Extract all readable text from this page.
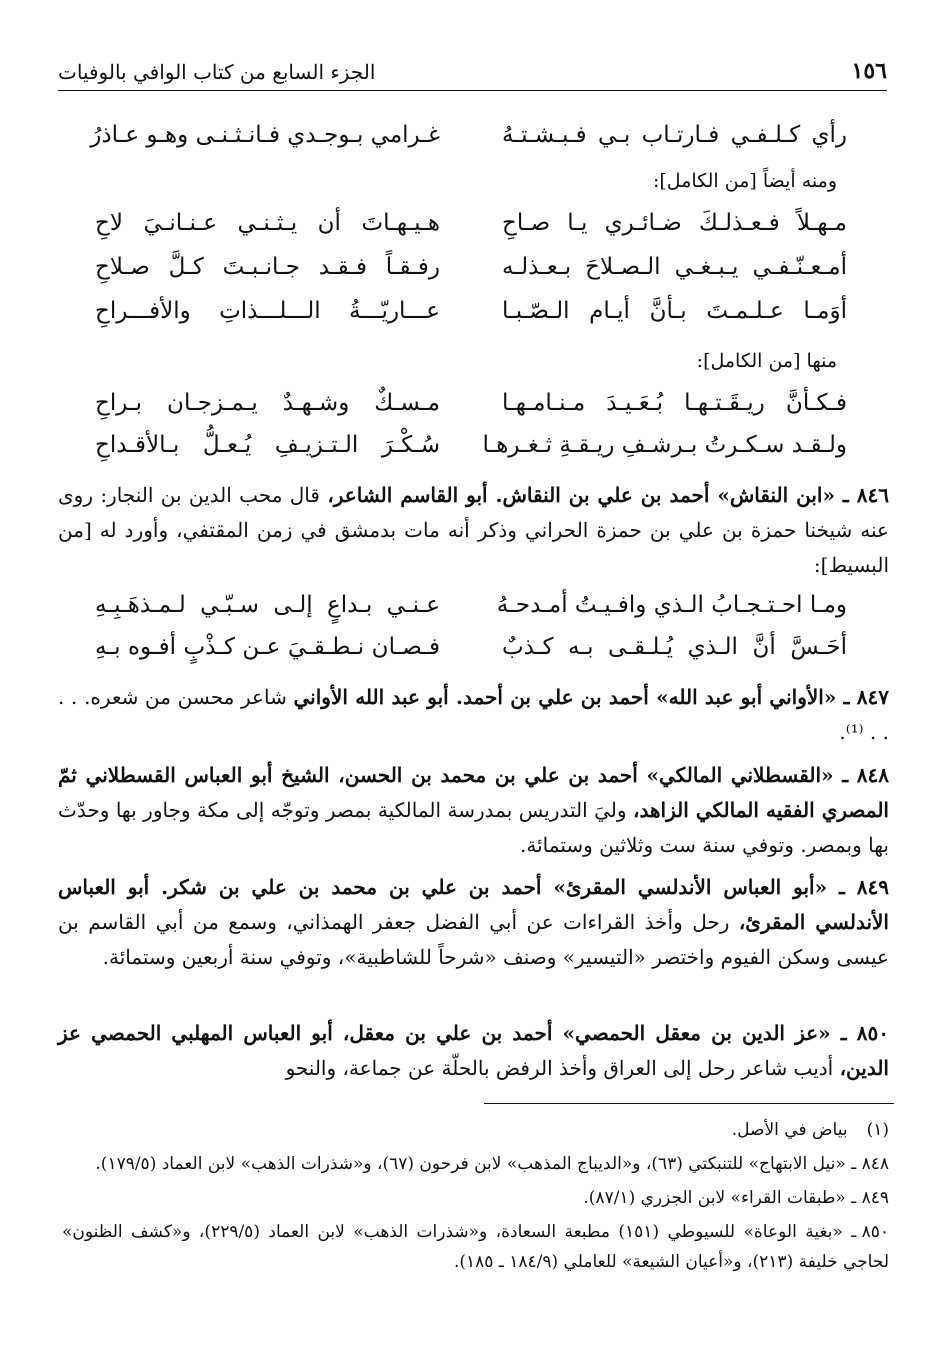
١٥٦
الجزء السابع من كتاب الوافي بالوفيات
رأي كـلـفـي فـارتـاب بـي فـبـشـتـهُ
غـرامي بـوجـدي فـانـثـنـى وهـو عـاذرُ
ومنه أيضاً [من الكامل]:
مـهـلاً فـعـذلـكَ ضـائـري يـا صـاحِ
هـيـهـاتَ أن يـثـنـي عـنـانـيَ لاحِ
أمـعـنّـفـي يـبـغـي الـصـلاحَ بـعـذلـه
رفـقـاً فـقـد جـانـبـتَ كـلَّ صـلاحِ
أوَمـا عـلـمـتَ بـأنَّ أيـام الـصّـبـا
عـــاريّـــةُ الـــلـــذاتِ والأفـــراحِ
منها [من الكامل]:
فـكـأنَّ ريـقَـتـهـا بُـعَـيـدَ مـنـامـهـا
مـسـكٌ وشـهـدٌ يـمـزجـان بـراحِ
ولـقـد سـكـرتُ بـرشـفِ ريـقـةِ ثـغـرهـا
سُـكْـرَ الـتـزيـفِ يُـعـلُّ بـالأقـداحِ
٨٤٦ ـ «ابن النقاش» أحمد بن علي بن النقاش. أبو القاسم الشاعر، قال محب الدين بن النجار: روى عنه شيخنا حمزة بن علي بن حمزة الحراني وذكر أنه مات بدمشق في زمن المقتفي، وأورد له [من البسيط]:
ومـا احـتـجـابُ الـذي وافـيـتُ أمـدحـهُ
عـنـي بـداعٍ إلـى سـبّـي لـمـذهَـبِـهِ
أحَـسَّ أنَّ الـذي يُـلـقـى بـه كـذبٌ
فـصـان نـطـقـيَ عـن كـذْبٍ أفـوه بـهِ
٨٤٧ ـ «الأواني أبو عبد الله» أحمد بن علي بن أحمد. أبو عبد الله الأواني شاعر محسن من شعره. . . . . ⁽¹⁾.
٨٤٨ ـ «القسطلاني المالكي» أحمد بن علي بن محمد بن الحسن، الشيخ أبو العباس القسطلاني ثمّ المصري الفقيه المالكي الزاهد، وليَ التدريس بمدرسة المالكية بمصر وتوجّه إلى مكة وجاور بها وحدّث بها وبمصر. وتوفي سنة ست وثلاثين وستمائة.
٨٤٩ ـ «أبو العباس الأندلسي المقرئ» أحمد بن علي بن محمد بن علي بن شكر. أبو العباس الأندلسي المقرئ، رحل وأخذ القراءات عن أبي الفضل جعفر الهمذاني، وسمع من أبي القاسم بن عيسى وسكن الفيوم واختصر «التيسير» وصنف «شرحاً للشاطبية»، وتوفي سنة أربعين وستمائة.
٨٥٠ ـ «عز الدين بن معقل الحمصي» أحمد بن علي بن معقل، أبو العباس المهلبي الحمصي عز الدين، أديب شاعر رحل إلى العراق وأخذ الرفض بالحلّة عن جماعة، والنحو
(١) بياض في الأصل.
٨٤٨ ـ «نيل الابتهاج» للتنبكتي (٦٣)، و«الديباج المذهب» لابن فرحون (٦٧)، و«شذرات الذهب» لابن العماد (١٧٩/٥).
٨٤٩ ـ «طبقات القراء» لابن الجزري (٨٧/١).
٨٥٠ ـ «بغية الوعاة» للسيوطي (١٥١) مطبعة السعادة، و«شذرات الذهب» لابن العماد (٢٢٩/٥)، و«كشف الظنون» لحاجي خليفة (٢١٣)، و«أعيان الشيعة» للعاملي (١٨٤/٩ ـ ١٨٥).
